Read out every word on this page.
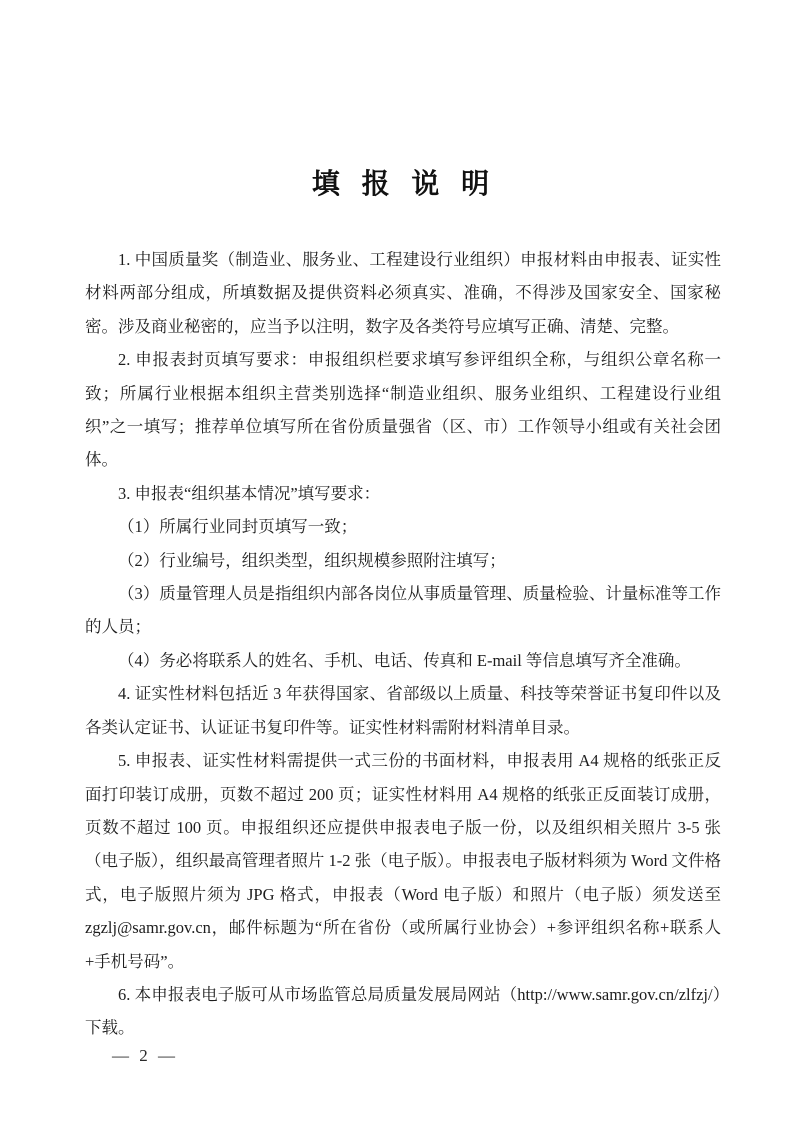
填 报 说 明

1. 中国质量奖（制造业、服务业、工程建设行业组织）申报材料由申报表、证实性材料两部分组成，所填数据及提供资料必须真实、准确，不得涉及国家安全、国家秘密。涉及商业秘密的，应当予以注明，数字及各类符号应填写正确、清楚、完整。

2. 申报表封页填写要求：申报组织栏要求填写参评组织全称，与组织公章名称一致；所属行业根据本组织主营类别选择“制造业组织、服务业组织、工程建设行业组织”之一填写；推荐单位填写所在省份质量强省（区、市）工作领导小组或有关社会团体。

3. 申报表“组织基本情况”填写要求：

（1）所属行业同封页填写一致；

（2）行业编号，组织类型，组织规模参照附注填写；

（3）质量管理人员是指组织内部各岗位从事质量管理、质量检验、计量标准等工作的人员；

（4）务必将联系人的姓名、手机、电话、传真和 E-mail 等信息填写齐全准确。

4. 证实性材料包括近 3 年获得国家、省部级以上质量、科技等荣誉证书复印件以及各类认定证书、认证证书复印件等。证实性材料需附材料清单目录。

5. 申报表、证实性材料需提供一式三份的书面材料，申报表用 A4 规格的纸张正反面打印装订成册，页数不超过 200 页；证实性材料用 A4 规格的纸张正反面装订成册，页数不超过 100 页。申报组织还应提供申报表电子版一份，以及组织相关照片 3-5 张（电子版），组织最高管理者照片 1-2 张（电子版）。申报表电子版材料须为 Word 文件格式，电子版照片须为 JPG 格式，申报表（Word 电子版）和照片（电子版）须发送至 zgzlj@samr.gov.cn，邮件标题为“所在省份（或所属行业协会）+参评组织名称+联系人+手机号码”。

6. 本申报表电子版可从市场监管总局质量发展局网站（http://www.samr.gov.cn/zlfzj/）下载。

— 2 —
